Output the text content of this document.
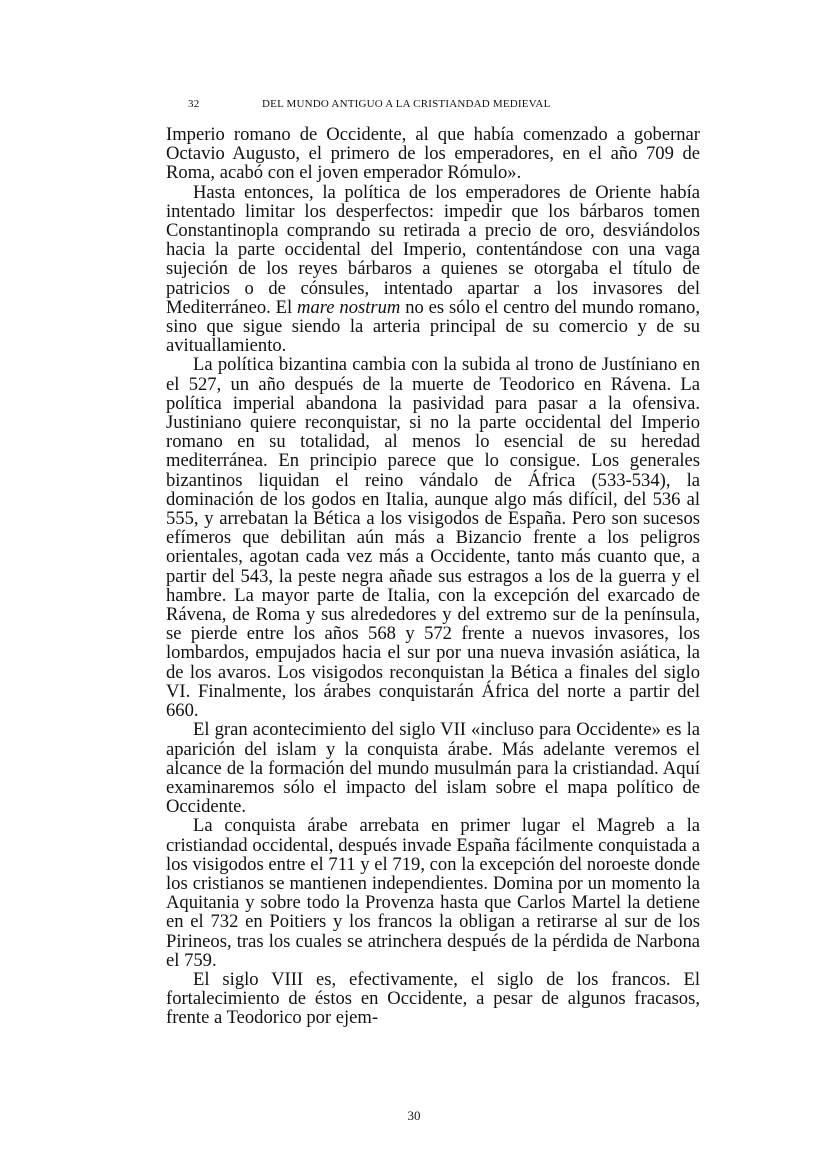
32	DEL MUNDO ANTIGUO A LA CRISTIANDAD MEDIEVAL

Imperio romano de Occidente, al que había comenzado a gobernar Octavio Augusto, el primero de los emperadores, en el año 709 de Roma, acabó con el joven emperador Rómulo».

Hasta entonces, la política de los emperadores de Oriente había intentado limitar los desperfectos: impedir que los bárbaros tomen Constantinopla comprando su retirada a precio de oro, desviándolos hacia la parte occidental del Imperio, contentándose con una vaga sujeción de los reyes bárbaros a quienes se otorgaba el título de patricios o de cónsules, intentado apartar a los invasores del Mediterráneo. El mare nostrum no es sólo el centro del mundo romano, sino que sigue siendo la arteria principal de su comercio y de su avituallamiento.

La política bizantina cambia con la subida al trono de Justíniano en el 527, un año después de la muerte de Teodorico en Rávena. La política imperial abandona la pasividad para pasar a la ofensiva. Justiniano quiere reconquistar, si no la parte occidental del Imperio romano en su totalidad, al menos lo esencial de su heredad mediterránea. En principio parece que lo consigue. Los generales bizantinos liquidan el reino vándalo de África (533-534), la dominación de los godos en Italia, aunque algo más difícil, del 536 al 555, y arrebatan la Bética a los visigodos de España. Pero son sucesos efímeros que debilitan aún más a Bizancio frente a los peligros orientales, agotan cada vez más a Occidente, tanto más cuanto que, a partir del 543, la peste negra añade sus estragos a los de la guerra y el hambre. La mayor parte de Italia, con la excepción del exarcado de Rávena, de Roma y sus alrededores y del extremo sur de la península, se pierde entre los años 568 y 572 frente a nuevos invasores, los lombardos, empujados hacia el sur por una nueva invasión asiática, la de los avaros. Los visigodos reconquistan la Bética a finales del siglo VI. Finalmente, los árabes conquistarán África del norte a partir del 660.

El gran acontecimiento del siglo VII «incluso para Occidente» es la aparición del islam y la conquista árabe. Más adelante veremos el alcance de la formación del mundo musulmán para la cristiandad. Aquí examinaremos sólo el impacto del islam sobre el mapa político de Occidente.

La conquista árabe arrebata en primer lugar el Magreb a la cristiandad occidental, después invade España fácilmente conquistada a los visigodos entre el 711 y el 719, con la excepción del noroeste donde los cristianos se mantienen independientes. Domina por un momento la Aquitania y sobre todo la Provenza hasta que Carlos Martel la detiene en el 732 en Poitiers y los francos la obligan a retirarse al sur de los Pirineos, tras los cuales se atrinchera después de la pérdida de Narbona el 759.

El siglo VIII es, efectivamente, el siglo de los francos. El fortalecimiento de éstos en Occidente, a pesar de algunos fracasos, frente a Teodorico por ejem-

30
